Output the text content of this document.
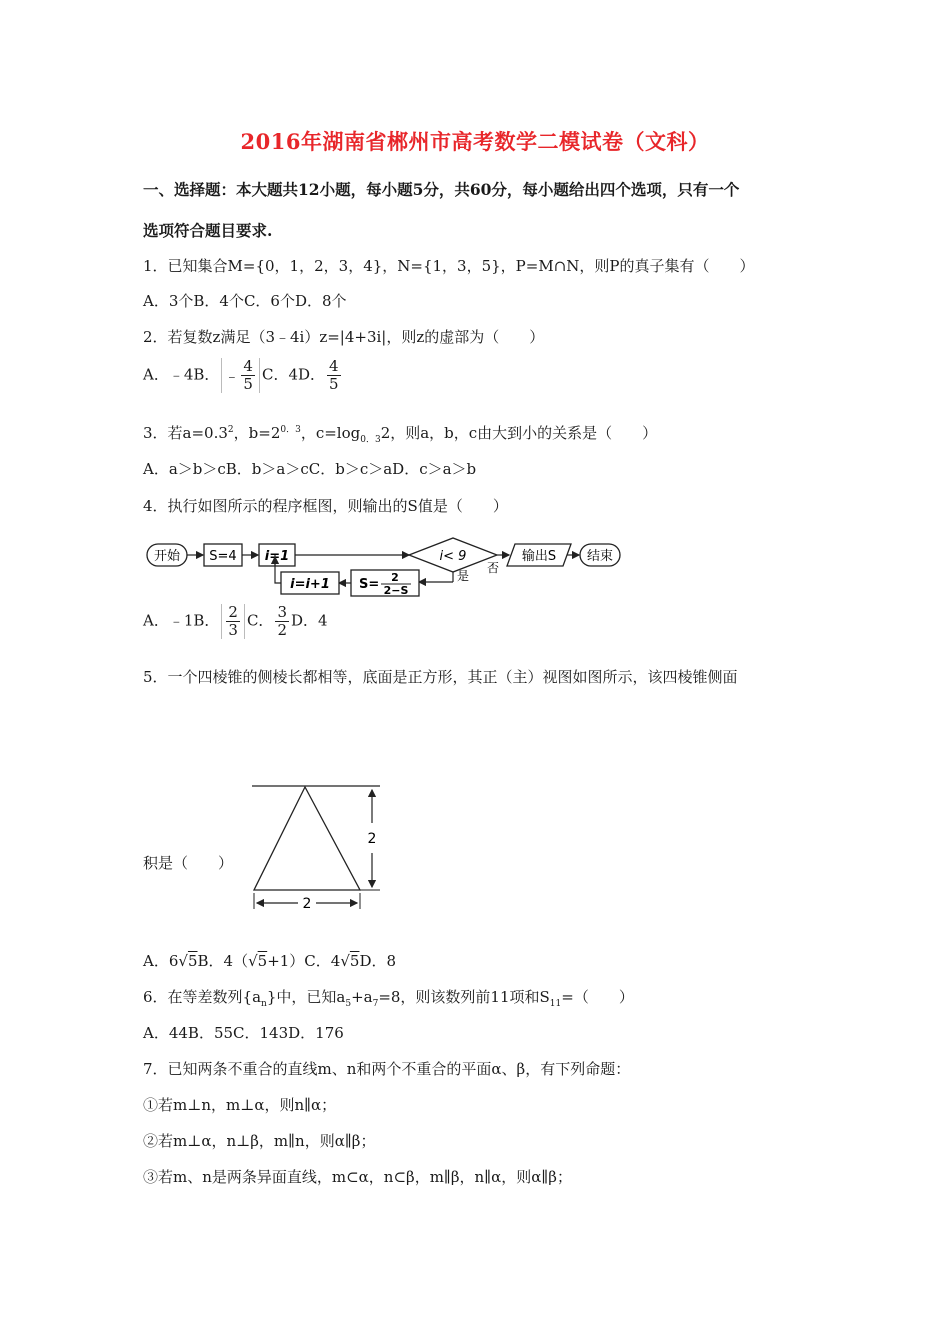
2016年湖南省郴州市高考数学二模试卷（文科）
一、选择题：本大题共12小题，每小题5分，共60分，每小题给出四个选项，只有一个
选项符合题目要求.
1．已知集合M={0，1，2，3，4}，N={1，3，5}，P=M∩N，则P的真子集有（　　）
A．3个B．4个C．6个D．8个
2．若复数z满足（3﹣4i）z=|4+3i|，则z的虚部为（　　）
A．﹣4B． ﹣ $\frac{4}{5}$ C．4D． $\frac{4}{5}$
3．若$a=0.3^2$，$b=2^{0.3}$，$c=\log_{0.3}2$，则a，b，c由大到小的关系是（　　）
A．a＞b＞cB．b＞a＞cC．b＞c＞aD．c＞a＞b
4．执行如图所示的程序框图，则输出的S值是（　　）
开始 S=4 i=1	i< 9
否
输出S 结束
是
S= 2
2−S
i=i+1
A．﹣1B． $\frac{2}{3}$ C． $\frac{3}{2}$ D．4
5．一个四棱锥的侧棱长都相等，底面是正方形，其正（主）视图如图所示，该四棱锥侧面
2
2
积是（　　）
A．6√5B．4（√5+1）C．4√5D．8
6．在等差数列$\{a_n\}$中，已知$a_5+a_7=8$，则该数列前11项和$S_{11}=$（　　）
A．44B．55C．143D．176
7．已知两条不重合的直线m、n和两个不重合的平面α、β，有下列命题：
①若m⊥n，m⊥α，则n∥α；
②若m⊥α，n⊥β，m∥n，则α∥β；
③若m、n是两条异面直线，m⊂α，n⊂β，m∥β，n∥α，则α∥β；
